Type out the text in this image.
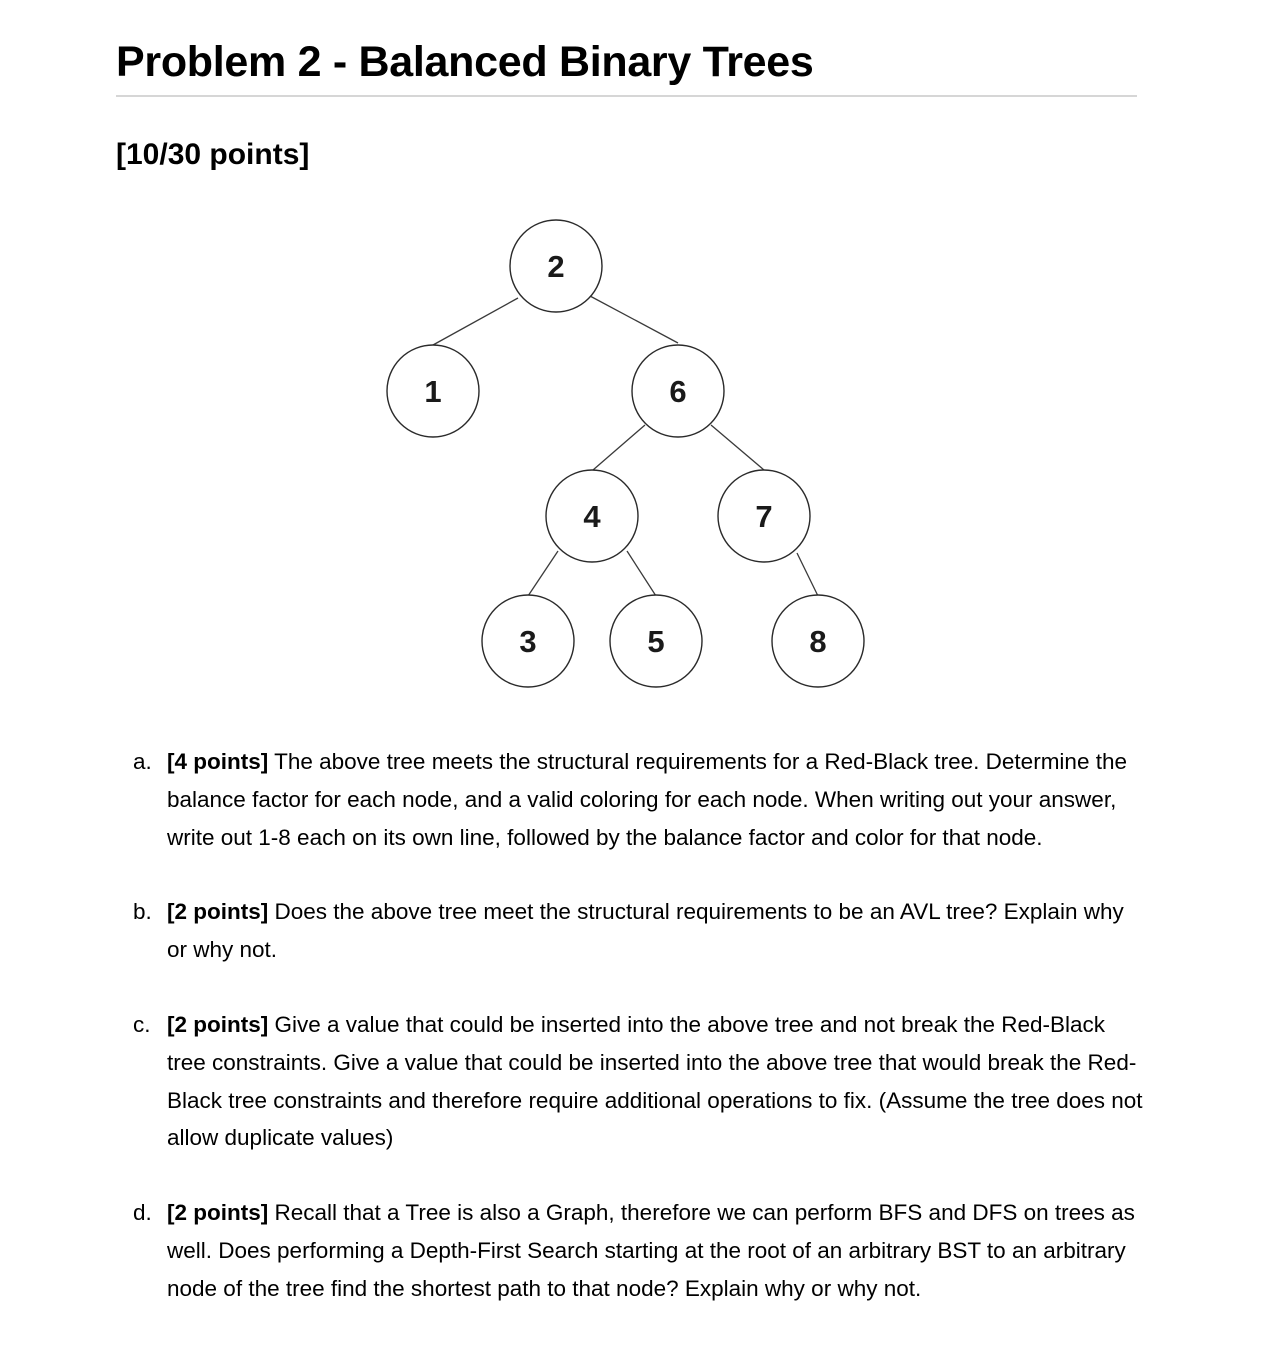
Problem 2 - Balanced Binary Trees
[10/30 points]
2
1	6
4	7
3	5	8
a. [4 points] The above tree meets the structural requirements for a Red-Black tree. Determine the balance factor for each node, and a valid coloring for each node. When writing out your answer, write out 1-8 each on its own line, followed by the balance factor and color for that node.
b. [2 points] Does the above tree meet the structural requirements to be an AVL tree? Explain why or why not.
c. [2 points] Give a value that could be inserted into the above tree and not break the Red-Black tree constraints. Give a value that could be inserted into the above tree that would break the Red-Black tree constraints and therefore require additional operations to fix. (Assume the tree does not allow duplicate values)
d. [2 points] Recall that a Tree is also a Graph, therefore we can perform BFS and DFS on trees as well. Does performing a Depth-First Search starting at the root of an arbitrary BST to an arbitrary node of the tree find the shortest path to that node? Explain why or why not.
